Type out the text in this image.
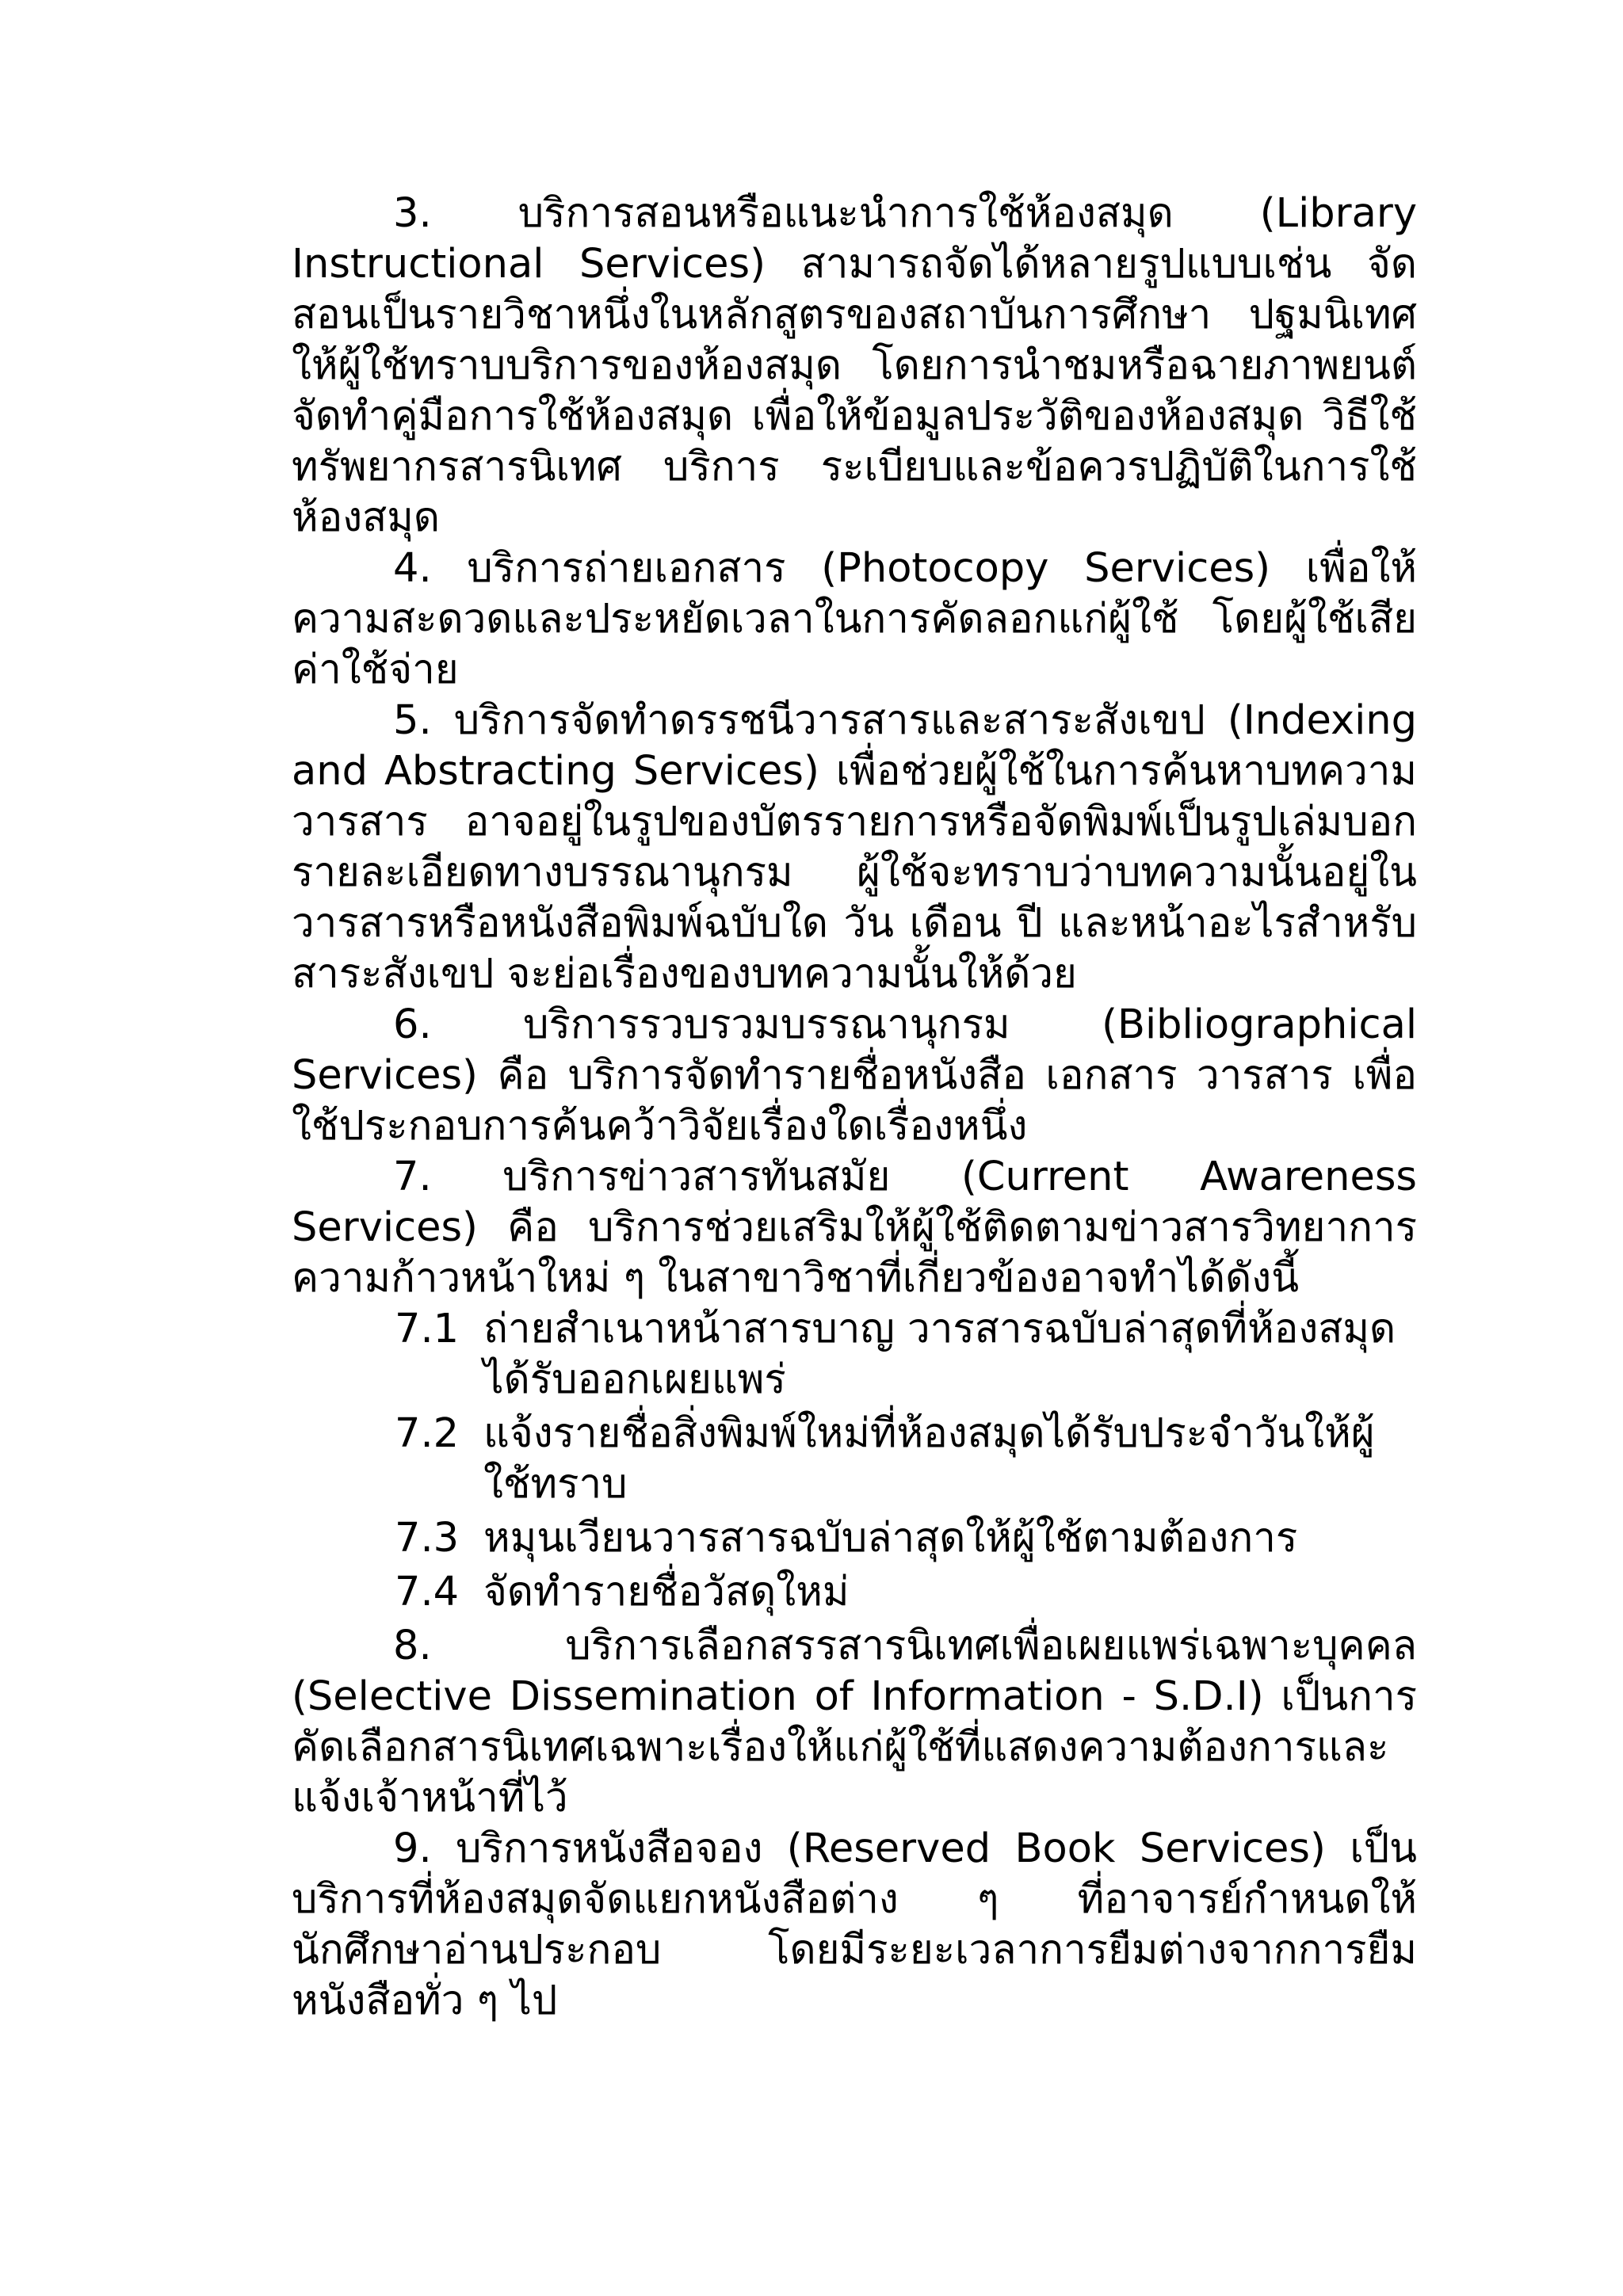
3. บริการสอนหรือแนะนำการใช้ห้องสมุด (Library Instructional Services) สามารถจัดได้หลายรูปแบบเช่น จัดสอนเป็นรายวิชาหนึ่งในหลักสูตรของสถาบันการศึกษา ปฐมนิเทศให้ผู้ใช้ทราบบริการของห้องสมุด โดยการนำชมหรือฉายภาพยนต์ จัดทำคู่มือการใช้ห้องสมุด เพื่อให้ข้อมูลประวัติของห้องสมุด วิธีใช้ทรัพยากรสารนิเทศ บริการ ระเบียบและข้อควรปฏิบัติในการใช้ห้องสมุด

4. บริการถ่ายเอกสาร (Photocopy Services) เพื่อให้ความสะดวดและประหยัดเวลาในการคัดลอกแก่ผู้ใช้ โดยผู้ใช้เสียค่าใช้จ่าย

5. บริการจัดทำดรรชนีวารสารและสาระสังเขป (Indexing and Abstracting Services) เพื่อช่วยผู้ใช้ในการค้นหาบทความวารสาร อาจอยู่ในรูปของบัตรรายการหรือจัดพิมพ์เป็นรูปเล่มบอกรายละเอียดทางบรรณานุกรม ผู้ใช้จะทราบว่าบทความนั้นอยู่ในวารสารหรือหนังสือพิมพ์ฉบับใด วัน เดือน ปี และหน้าอะไรสำหรับสาระสังเขป จะย่อเรื่องของบทความนั้นให้ด้วย

6. บริการรวบรวมบรรณานุกรม (Bibliographical Services) คือ บริการจัดทำรายชื่อหนังสือ เอกสาร วารสาร เพื่อใช้ประกอบการค้นคว้าวิจัยเรื่องใดเรื่องหนึ่ง

7. บริการข่าวสารทันสมัย (Current Awareness Services) คือ บริการช่วยเสริมให้ผู้ใช้ติดตามข่าวสารวิทยาการความก้าวหน้าใหม่ ๆ ในสาขาวิชาที่เกี่ยวข้องอาจทำได้ดังนี้

7.1 ถ่ายสำเนาหน้าสารบาญ วารสารฉบับล่าสุดที่ห้องสมุดได้รับออกเผยแพร่
7.2 แจ้งรายชื่อสิ่งพิมพ์ใหม่ที่ห้องสมุดได้รับประจำวันให้ผู้ใช้ทราบ
7.3 หมุนเวียนวารสารฉบับล่าสุดให้ผู้ใช้ตามต้องการ
7.4 จัดทำรายชื่อวัสดุใหม่

8. บริการเลือกสรรสารนิเทศเพื่อเผยแพร่เฉพาะบุคคล (Selective Dissemination of Information - S.D.I) เป็นการคัดเลือกสารนิเทศเฉพาะเรื่องให้แก่ผู้ใช้ที่แสดงความต้องการและแจ้งเจ้าหน้าที่ไว้

9. บริการหนังสือจอง (Reserved Book Services) เป็นบริการที่ห้องสมุดจัดแยกหนังสือต่าง ๆ ที่อาจารย์กำหนดให้นักศึกษาอ่านประกอบ โดยมีระยะเวลาการยืมต่างจากการยืมหนังสือทั่ว ๆ ไป
